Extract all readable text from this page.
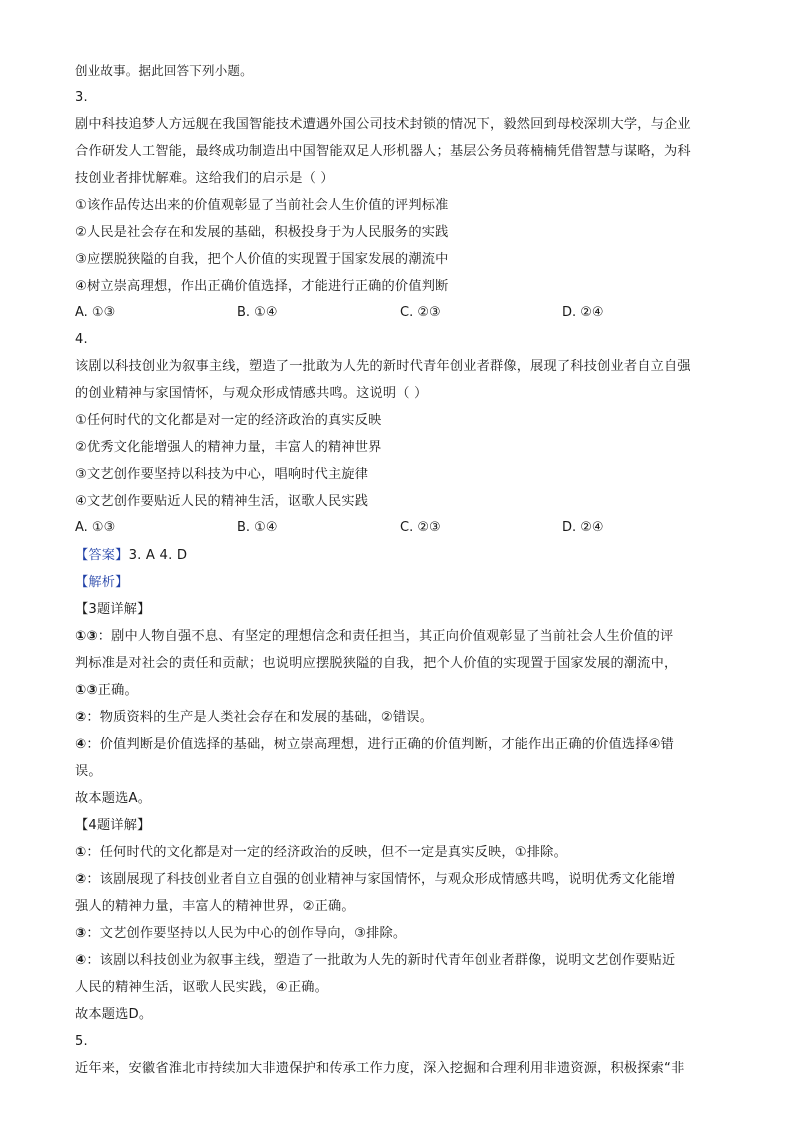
创业故事。据此回答下列小题。
3.
剧中科技追梦人方远舰在我国智能技术遭遇外国公司技术封锁的情况下，毅然回到母校深圳大学，与企业
合作研发人工智能，最终成功制造出中国智能双足人形机器人；基层公务员蒋楠楠凭借智慧与谋略，为科
技创业者排忧解难。这给我们的启示是（ ）
①该作品传达出来的价值观彰显了当前社会人生价值的评判标准
②人民是社会存在和发展的基础，积极投身于为人民服务的实践
③应摆脱狭隘的自我，把个人价值的实现置于国家发展的潮流中
④树立崇高理想，作出正确价值选择，才能进行正确的价值判断
A. ①③	B. ①④	C. ②③	D. ②④
4.
该剧以科技创业为叙事主线，塑造了一批敢为人先的新时代青年创业者群像，展现了科技创业者自立自强
的创业精神与家国情怀，与观众形成情感共鸣。这说明（ ）
①任何时代的文化都是对一定的经济政治的真实反映
②优秀文化能增强人的精神力量，丰富人的精神世界
③文艺创作要坚持以科技为中心，唱响时代主旋律
④文艺创作要贴近人民的精神生活，讴歌人民实践
A. ①③	B. ①④	C. ②③	D. ②④
【答案】3. A 4. D
【解析】
【3题详解】
①③：剧中人物自强不息、有坚定的理想信念和责任担当，其正向价值观彰显了当前社会人生价值的评
判标准是对社会的责任和贡献；也说明应摆脱狭隘的自我，把个人价值的实现置于国家发展的潮流中，
①③正确。
②：物质资料的生产是人类社会存在和发展的基础，②错误。
④：价值判断是价值选择的基础，树立崇高理想，进行正确的价值判断，才能作出正确的价值选择④错
误。
故本题选A。
【4题详解】
①：任何时代的文化都是对一定的经济政治的反映，但不一定是真实反映，①排除。
②：该剧展现了科技创业者自立自强的创业精神与家国情怀，与观众形成情感共鸣，说明优秀文化能增
强人的精神力量，丰富人的精神世界，②正确。
③：文艺创作要坚持以人民为中心的创作导向，③排除。
④：该剧以科技创业为叙事主线，塑造了一批敢为人先的新时代青年创业者群像，说明文艺创作要贴近
人民的精神生活，讴歌人民实践，④正确。
故本题选D。
5.
近年来，安徽省淮北市持续加大非遗保护和传承工作力度，深入挖掘和合理利用非遗资源，积极探索“非
